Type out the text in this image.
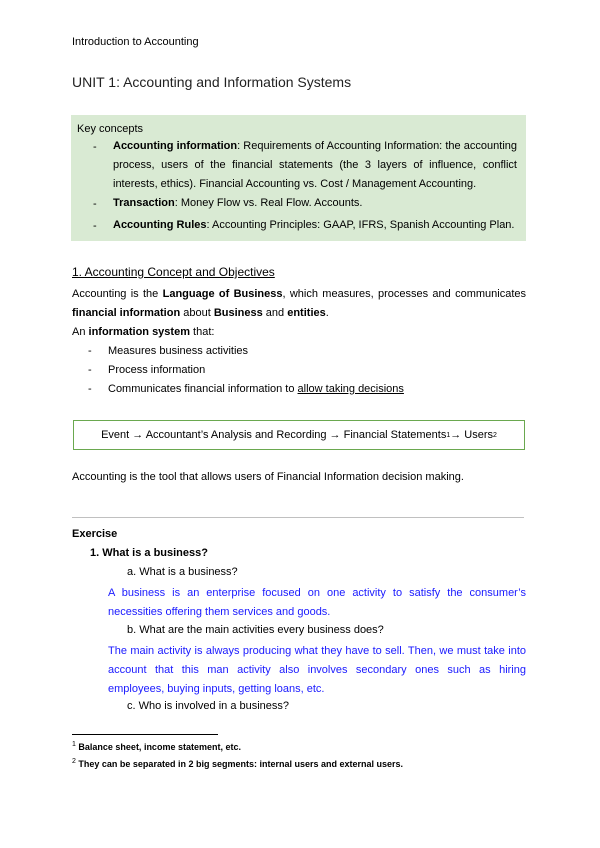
Introduction to Accounting
UNIT 1: Accounting and Information Systems
Key concepts
- Accounting information: Requirements of Accounting Information: the accounting process, users of the financial statements (the 3 layers of influence, conflict interests, ethics). Financial Accounting vs. Cost / Management Accounting.
- Transaction: Money Flow vs. Real Flow. Accounts.
- Accounting Rules: Accounting Principles: GAAP, IFRS, Spanish Accounting Plan.
1. Accounting Concept and Objectives
Accounting is the Language of Business, which measures, processes and communicates financial information about Business and entities.
An information system that:
- Measures business activities
- Process information
- Communicates financial information to allow taking decisions
Event → Accountant’s Analysis and Recording → Financial Statements 1 → Users 2
Accounting is the tool that allows users of Financial Information decision making.
Exercise
1. What is a business?
a. What is a business?
A business is an enterprise focused on one activity to satisfy the consumer’s necessities offering them services and goods.
b. What are the main activities every business does?
The main activity is always producing what they have to sell. Then, we must take into account that this man activity also involves secondary ones such as hiring employees, buying inputs, getting loans, etc.
c. Who is involved in a business?
$^1$ Balance sheet, income statement, etc.
$^2$ They can be separated in 2 big segments: internal users and external users.
